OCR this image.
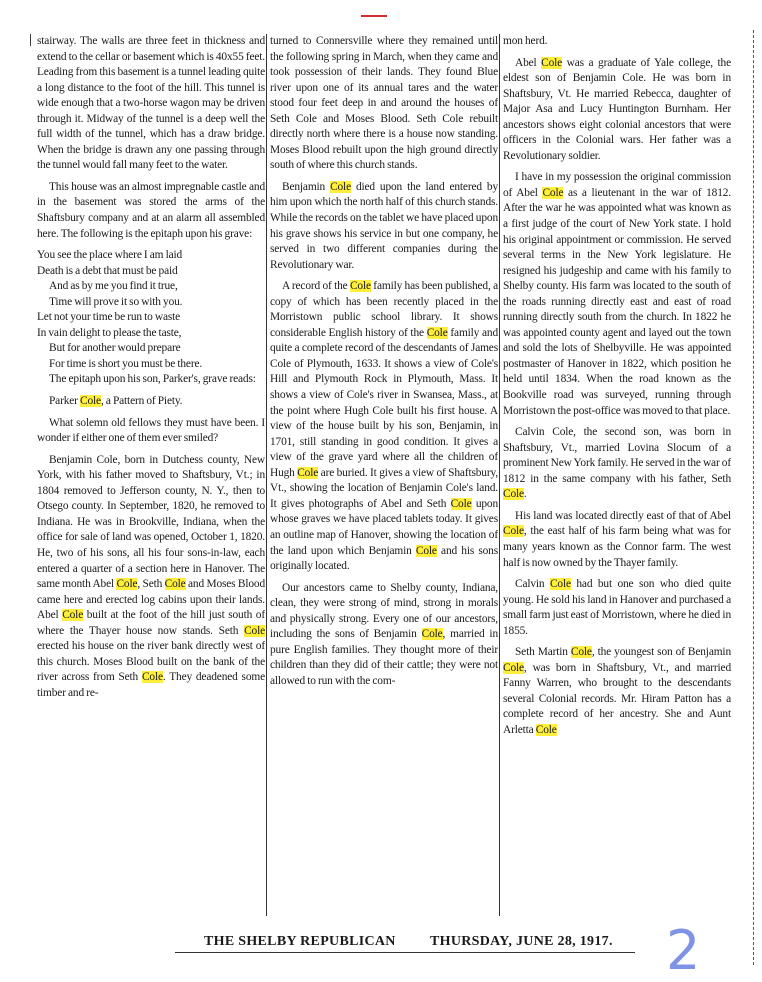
stairway. The walls are three feet in thickness and extend to the cellar or basement which is 40x55 feet. Leading from this basement is a tunnel leading quite a long distance to the foot of the hill. This tunnel is wide enough that a two-horse wagon may be driven through it. Midway of the tunnel is a deep well the full width of the tunnel, which has a draw bridge. When the bridge is drawn any one passing through the tunnel would fall many feet to the water.

This house was an almost impregnable castle and in the basement was stored the arms of the Shaftsbury company and at an alarm all assembled here. The following is the epitaph upon his grave:

You see the place where I am laid

Death is a debt that must be paid

And as by me you find it true,

Time will prove it so with you.

Let not your time be run to waste

In vain delight to please the taste,

But for another would prepare

For time is short you must be there.

The epitaph upon his son, Parker's, grave reads:

Parker Cole, a Pattern of Piety.

What solemn old fellows they must have been. I wonder if either one of them ever smiled?

Benjamin Cole, born in Dutchess county, New York, with his father moved to Shaftsbury, Vt.; in 1804 removed to Jefferson county, N. Y., then to Otsego county. In September, 1820, he removed to Indiana. He was in Brookville, Indiana, when the office for sale of land was opened, October 1, 1820. He, two of his sons, all his four sons-in-law, each entered a quarter of a section here in Hanover. The same month Abel Cole, Seth Cole and Moses Blood came here and erected log cabins upon their lands. Abel Cole built at the foot of the hill just south of where the Thayer house now stands. Seth Cole erected his house on the river bank directly west of this church. Moses Blood built on the bank of the river across from Seth Cole. They deadened some timber and re-

turned to Connersville where they remained until the following spring in March, when they came and took possession of their lands. They found Blue river upon one of its annual tares and the water stood four feet deep in and around the houses of Seth Cole and Moses Blood. Seth Cole rebuilt directly north where there is a house now standing. Moses Blood rebuilt upon the high ground directly south of where this church stands.

Benjamin Cole died upon the land entered by him upon which the north half of this church stands. While the records on the tablet we have placed upon his grave shows his service in but one company, he served in two different companies during the Revolutionary war.

A record of the Cole family has been published, a copy of which has been recently placed in the Morristown public school library. It shows considerable English history of the Cole family and quite a complete record of the descendants of James Cole of Plymouth, 1633. It shows a view of Cole's Hill and Plymouth Rock in Plymouth, Mass. It shows a view of Cole's river in Swansea, Mass., at the point where Hugh Cole built his first house. A view of the house built by his son, Benjamin, in 1701, still standing in good condition. It gives a view of the grave yard where all the children of Hugh Cole are buried. It gives a view of Shaftsbury, Vt., showing the location of Benjamin Cole's land. It gives photographs of Abel and Seth Cole upon whose graves we have placed tablets today. It gives an outline map of Hanover, showing the location of the land upon which Benjamin Cole and his sons originally located.

Our ancestors came to Shelby county, Indiana, clean, they were strong of mind, strong in morals and physically strong. Every one of our ancestors, including the sons of Benjamin Cole, married in pure English families. They thought more of their children than they did of their cattle; they were not allowed to run with the com-

mon herd.

Abel Cole was a graduate of Yale college, the eldest son of Benjamin Cole. He was born in Shaftsbury, Vt. He married Rebecca, daughter of Major Asa and Lucy Huntington Burnham. Her ancestors shows eight colonial ancestors that were officers in the Colonial wars. Her father was a Revolutionary soldier.

I have in my possession the original commission of Abel Cole as a lieutenant in the war of 1812. After the war he was appointed what was known as a first judge of the court of New York state. I hold his original appointment or commission. He served several terms in the New York legislature. He resigned his judgeship and came with his family to Shelby county. His farm was located to the south of the roads running directly east and east of road running directly south from the church. In 1822 he was appointed county agent and layed out the town and sold the lots of Shelbyville. He was appointed postmaster of Hanover in 1822, which position he held until 1834. When the road known as the Bookville road was surveyed, running through Morristown the post-office was moved to that place.

Calvin Cole, the second son, was born in Shaftsbury, Vt., married Lovina Slocum of a prominent New York family. He served in the war of 1812 in the same company with his father, Seth Cole.

His land was located directly east of that of Abel Cole, the east half of his farm being what was for many years known as the Connor farm. The west half is now owned by the Thayer family.

Calvin Cole had but one son who died quite young. He sold his land in Hanover and purchased a small farm just east of Morristown, where he died in 1855.

Seth Martin Cole, the youngest son of Benjamin Cole, was born in Shaftsbury, Vt., and married Fanny Warren, who brought to the descendants several Colonial records. Mr. Hiram Patton has a complete record of her ancestry. She and Aunt Arletta Cole

THE SHELBY REPUBLICAN THURSDAY, JUNE 28, 1917. 2
